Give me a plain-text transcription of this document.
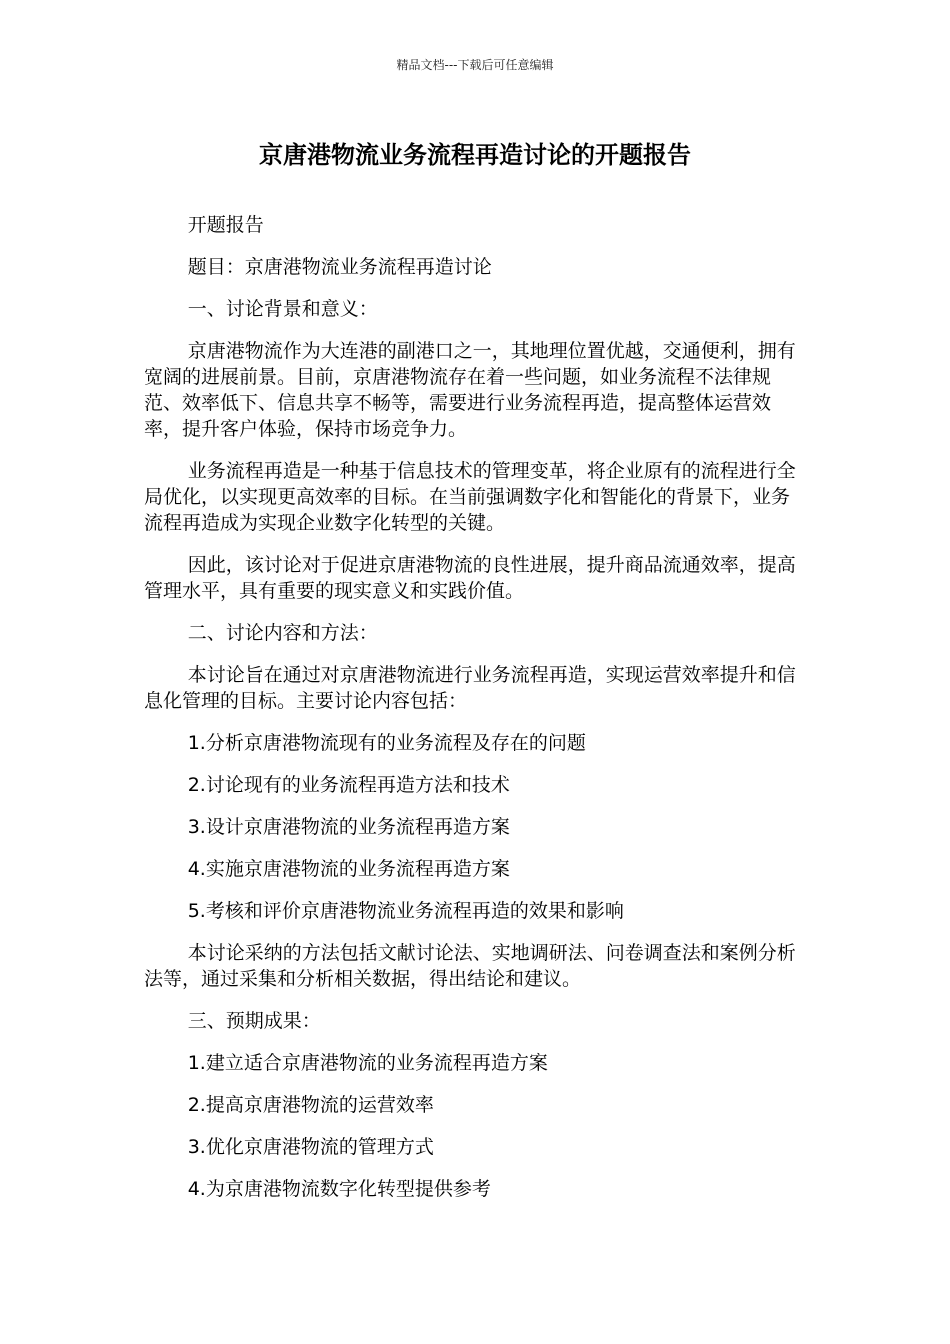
精品文档---下载后可任意编辑
京唐港物流业务流程再造讨论的开题报告

开题报告

题目：京唐港物流业务流程再造讨论

一、讨论背景和意义：

京唐港物流作为大连港的副港口之一，其地理位置优越，交通便利，拥有宽阔的进展前景。目前，京唐港物流存在着一些问题，如业务流程不法律规范、效率低下、信息共享不畅等，需要进行业务流程再造，提高整体运营效率，提升客户体验，保持市场竞争力。

业务流程再造是一种基于信息技术的管理变革，将企业原有的流程进行全局优化，以实现更高效率的目标。在当前强调数字化和智能化的背景下，业务流程再造成为实现企业数字化转型的关键。

因此，该讨论对于促进京唐港物流的良性进展，提升商品流通效率，提高管理水平，具有重要的现实意义和实践价值。

二、讨论内容和方法：

本讨论旨在通过对京唐港物流进行业务流程再造，实现运营效率提升和信息化管理的目标。主要讨论内容包括：

1.分析京唐港物流现有的业务流程及存在的问题

2.讨论现有的业务流程再造方法和技术

3.设计京唐港物流的业务流程再造方案

4.实施京唐港物流的业务流程再造方案

5.考核和评价京唐港物流业务流程再造的效果和影响

本讨论采纳的方法包括文献讨论法、实地调研法、问卷调查法和案例分析法等，通过采集和分析相关数据，得出结论和建议。

三、预期成果：

1.建立适合京唐港物流的业务流程再造方案

2.提高京唐港物流的运营效率

3.优化京唐港物流的管理方式

4.为京唐港物流数字化转型提供参考
